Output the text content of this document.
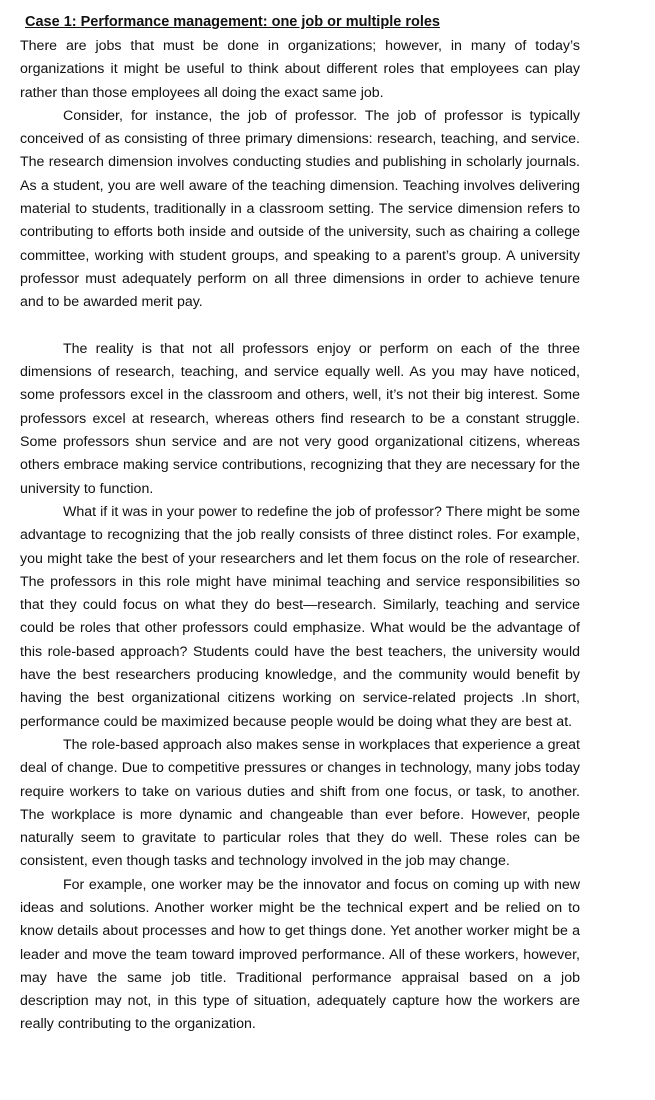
Case 1: Performance management: one job or multiple roles

There are jobs that must be done in organizations; however, in many of today’s organizations it might be useful to think about different roles that employees can play rather than those employees all doing the exact same job.

Consider, for instance, the job of professor. The job of professor is typically conceived of as consisting of three primary dimensions: research, teaching, and service. The research dimension involves conducting studies and publishing in scholarly journals. As a student, you are well aware of the teaching dimension. Teaching involves delivering material to students, traditionally in a classroom setting. The service dimension refers to contributing to efforts both inside and outside of the university, such as chairing a college committee, working with student groups, and speaking to a parent’s group. A university professor must adequately perform on all three dimensions in order to achieve tenure and to be awarded merit pay.

The reality is that not all professors enjoy or perform on each of the three dimensions of research, teaching, and service equally well. As you may have noticed, some professors excel in the classroom and others, well, it’s not their big interest. Some professors excel at research, whereas others find research to be a constant struggle. Some professors shun service and are not very good organizational citizens, whereas others embrace making service contributions, recognizing that they are necessary for the university to function.

What if it was in your power to redefine the job of professor? There might be some advantage to recognizing that the job really consists of three distinct roles. For example, you might take the best of your researchers and let them focus on the role of researcher. The professors in this role might have minimal teaching and service responsibilities so that they could focus on what they do best—research. Similarly, teaching and service could be roles that other professors could emphasize. What would be the advantage of this role-based approach? Students could have the best teachers, the university would have the best researchers producing knowledge, and the community would benefit by having the best organizational citizens working on service-related projects .In short, performance could be maximized because people would be doing what they are best at.

The role-based approach also makes sense in workplaces that experience a great deal of change. Due to competitive pressures or changes in technology, many jobs today require workers to take on various duties and shift from one focus, or task, to another. The workplace is more dynamic and changeable than ever before. However, people naturally seem to gravitate to particular roles that they do well. These roles can be consistent, even though tasks and technology involved in the job may change.

For example, one worker may be the innovator and focus on coming up with new ideas and solutions. Another worker might be the technical expert and be relied on to know details about processes and how to get things done. Yet another worker might be a leader and move the team toward improved performance. All of these workers, however, may have the same job title. Traditional performance appraisal based on a job description may not, in this type of situation, adequately capture how the workers are really contributing to the organization.
